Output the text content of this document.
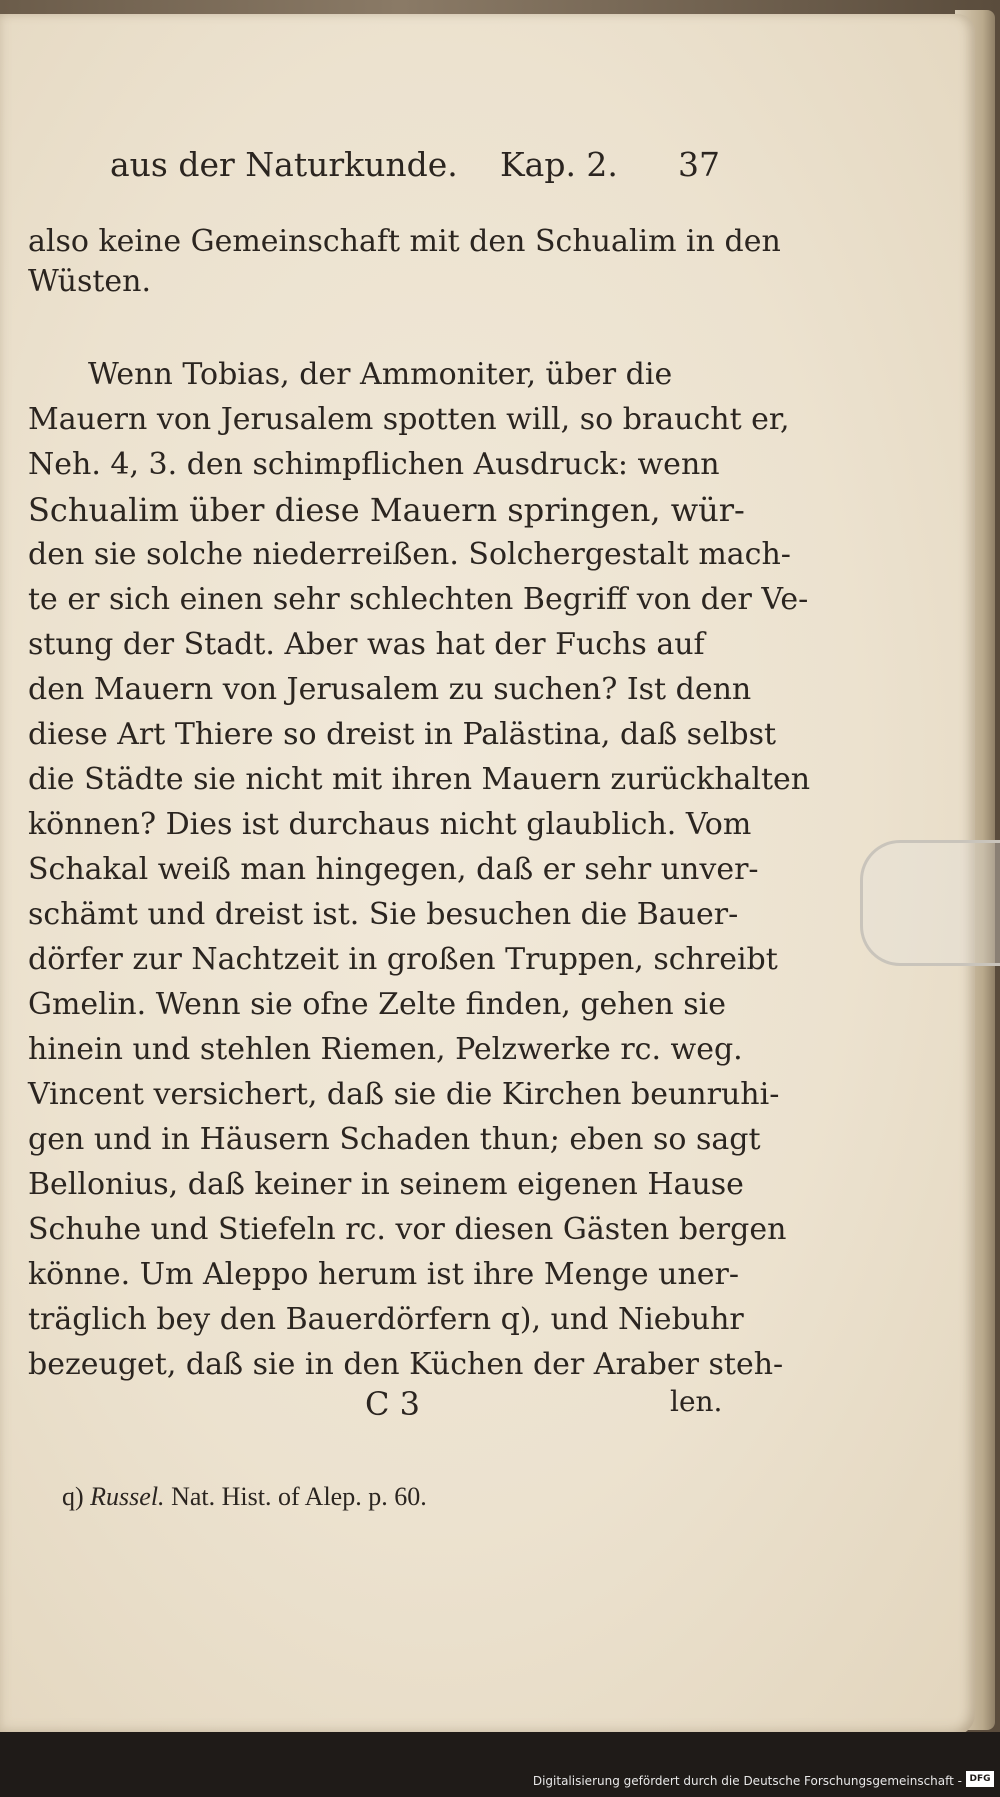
aus der Naturkunde. Kap. 2. 37
also keine Gemeinschaft mit den Schualim in den
Wüsten.
Wenn Tobias, der Ammoniter, über die
Mauern von Jerusalem spotten will, so braucht er,
Neh. 4, 3. den schimpflichen Ausdruck: wenn
Schualim über diese Mauern springen, wür-
den sie solche niederreißen. Solchergestalt mach-
te er sich einen sehr schlechten Begriff von der Ve-
stung der Stadt. Aber was hat der Fuchs auf
den Mauern von Jerusalem zu suchen? Ist denn
diese Art Thiere so dreist in Palästina, daß selbst
die Städte sie nicht mit ihren Mauern zurückhalten
können? Dies ist durchaus nicht glaublich. Vom
Schakal weiß man hingegen, daß er sehr unver-
schämt und dreist ist. Sie besuchen die Bauer-
dörfer zur Nachtzeit in großen Truppen, schreibt
Gmelin. Wenn sie ofne Zelte finden, gehen sie
hinein und stehlen Riemen, Pelzwerke rc. weg.
Vincent versichert, daß sie die Kirchen beunruhi-
gen und in Häusern Schaden thun; eben so sagt
Bellonius, daß keiner in seinem eigenen Hause
Schuhe und Stiefeln rc. vor diesen Gästen bergen
könne. Um Aleppo herum ist ihre Menge uner-
träglich bey den Bauerdörfern q), und Niebuhr
bezeuget, daß sie in den Küchen der Araber steh-
C 3	len.
q) Russel. Nat. Hist. of Alep. p. 60.
Digitalisierung gefördert durch die Deutsche Forschungsgemeinschaft - DFG
